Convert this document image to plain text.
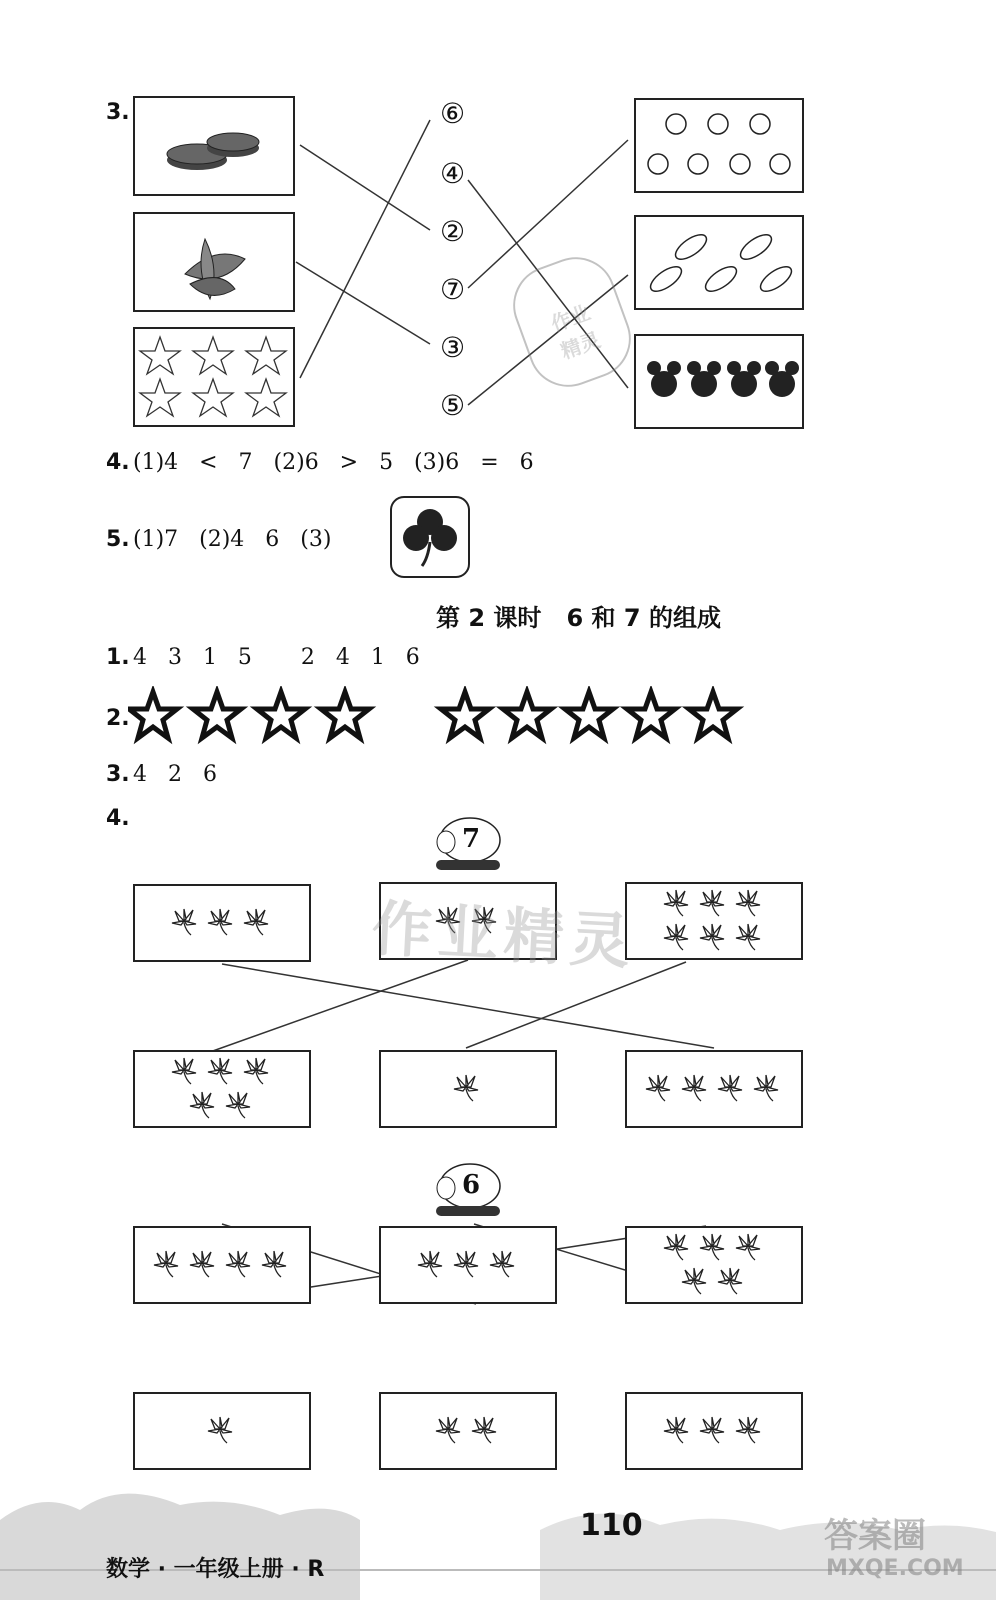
3.	⑥
④
②
⑦
③
⑤
作业
精灵
4. (1)4   <   7   (2)6   >   5   (3)6   =   6
5. (1)7   (2)4   6   (3)
第 2 课时   6 和 7 的组成
1. 4   3   1   5       2   4   1   6
2.
3. 4   2   6
4.
7
6
作业精灵
数学 · 一年级上册 · R
110	答案圈
MXQE.COM
